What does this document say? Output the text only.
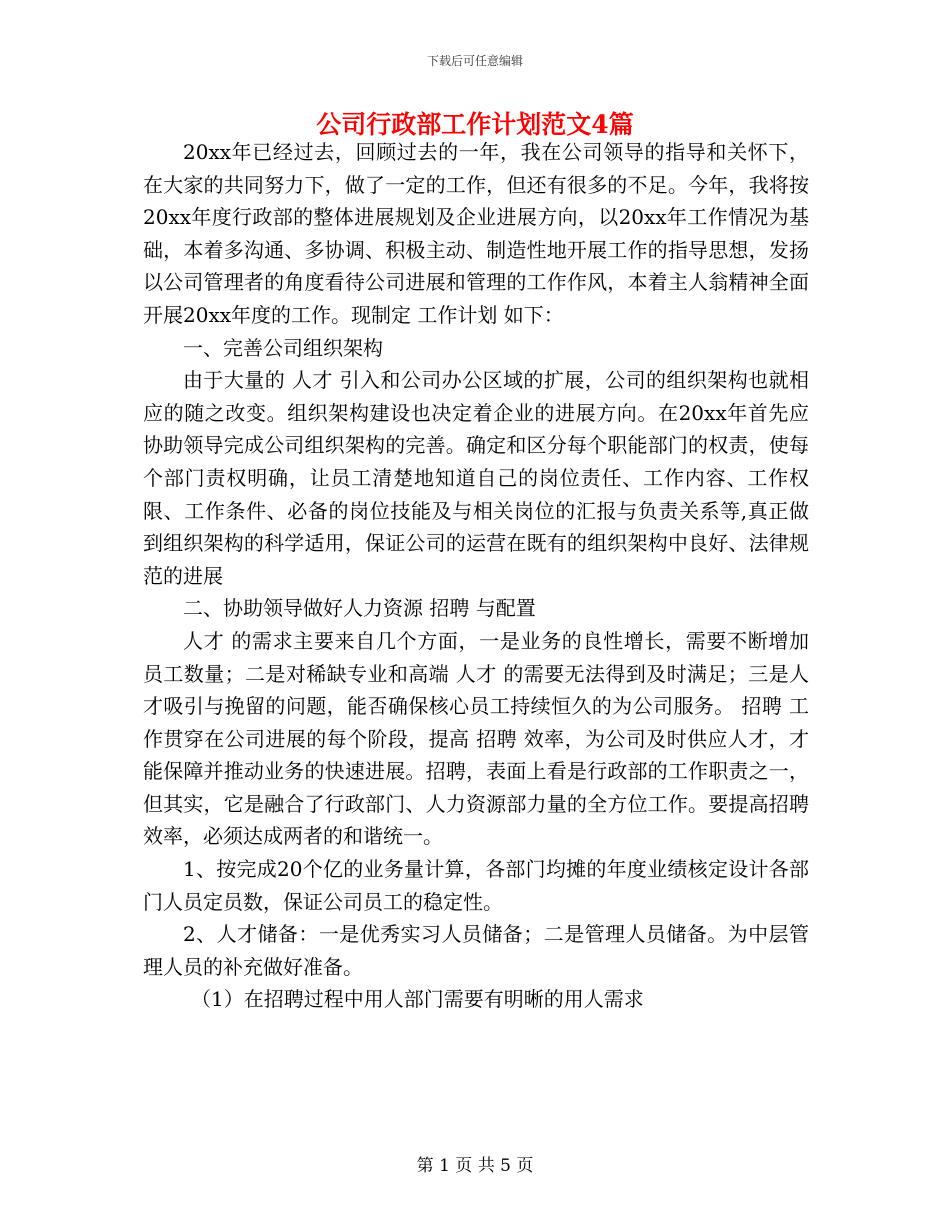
下载后可任意编辑
公司行政部工作计划范文4篇

20xx年已经过去，回顾过去的一年，我在公司领导的指导和关怀下，在大家的共同努力下，做了一定的工作，但还有很多的不足。今年，我将按20xx年度行政部的整体进展规划及企业进展方向，以20xx年工作情况为基础，本着多沟通、多协调、积极主动、制造性地开展工作的指导思想，发扬以公司管理者的角度看待公司进展和管理的工作作风，本着主人翁精神全面开展20xx年度的工作。现制定 工作计划 如下：

一、完善公司组织架构

由于大量的 人才 引入和公司办公区域的扩展，公司的组织架构也就相应的随之改变。组织架构建设也决定着企业的进展方向。在20xx年首先应协助领导完成公司组织架构的完善。确定和区分每个职能部门的权责，使每个部门责权明确，让员工清楚地知道自己的岗位责任、工作内容、工作权限、工作条件、必备的岗位技能及与相关岗位的汇报与负责关系等,真正做到组织架构的科学适用，保证公司的运营在既有的组织架构中良好、法律规范的进展

二、协助领导做好人力资源 招聘 与配置

人才 的需求主要来自几个方面，一是业务的良性增长，需要不断增加员工数量；二是对稀缺专业和高端 人才 的需要无法得到及时满足；三是人才吸引与挽留的问题，能否确保核心员工持续恒久的为公司服务。 招聘 工作贯穿在公司进展的每个阶段，提高 招聘 效率，为公司及时供应人才，才能保障并推动业务的快速进展。招聘，表面上看是行政部的工作职责之一，但其实，它是融合了行政部门、人力资源部力量的全方位工作。要提高招聘效率，必须达成两者的和谐统一。

1、按完成20个亿的业务量计算，各部门均摊的年度业绩核定设计各部门人员定员数，保证公司员工的稳定性。

2、人才储备：一是优秀实习人员储备；二是管理人员储备。为中层管理人员的补充做好准备。

（1）在招聘过程中用人部门需要有明晰的用人需求

第 1 页 共 5 页
